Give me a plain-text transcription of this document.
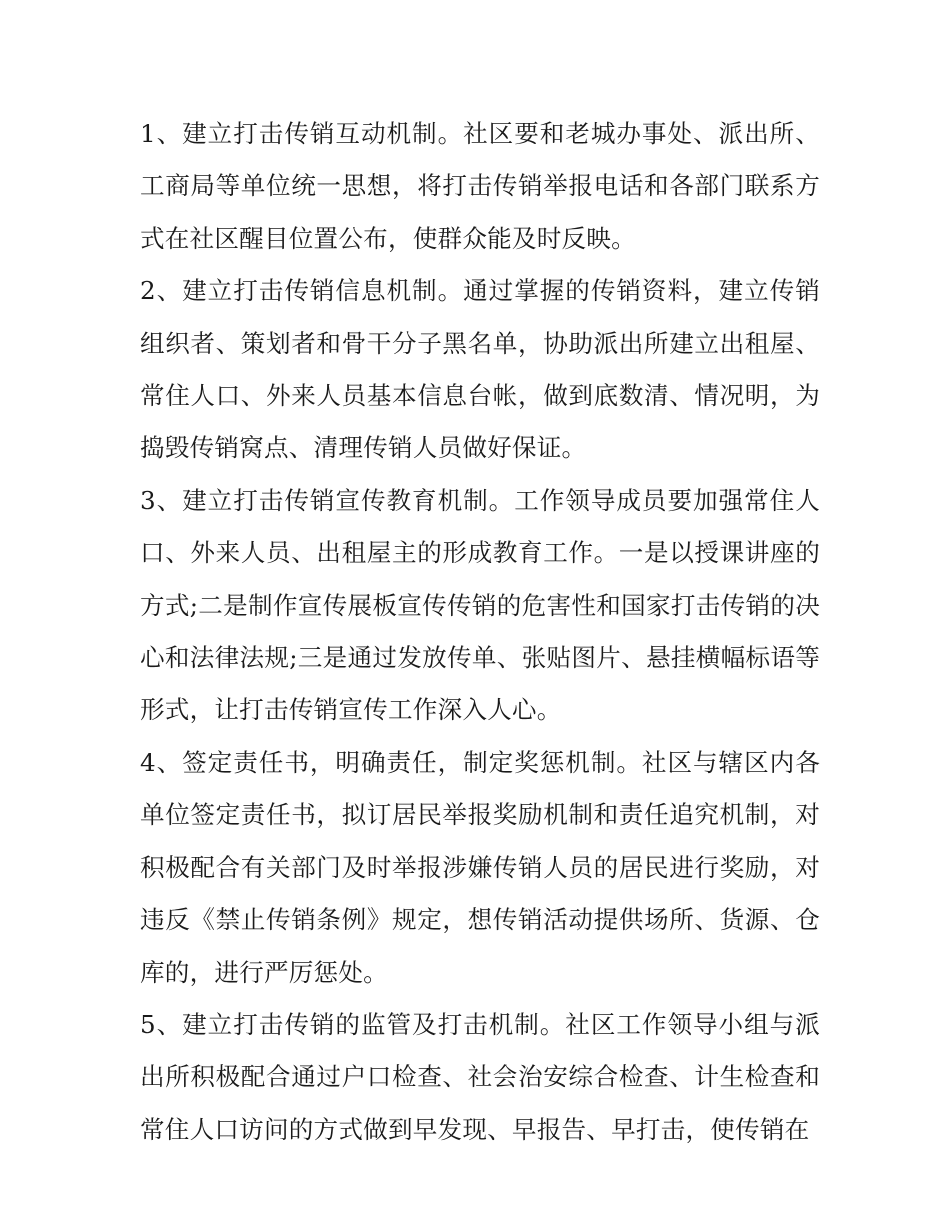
1、建立打击传销互动机制。社区要和老城办事处、派出所、工商局等单位统一思想，将打击传销举报电话和各部门联系方式在社区醒目位置公布，使群众能及时反映。

2、建立打击传销信息机制。通过掌握的传销资料，建立传销组织者、策划者和骨干分子黑名单，协助派出所建立出租屋、常住人口、外来人员基本信息台帐，做到底数清、情况明，为捣毁传销窝点、清理传销人员做好保证。

3、建立打击传销宣传教育机制。工作领导成员要加强常住人口、外来人员、出租屋主的形成教育工作。一是以授课讲座的方式;二是制作宣传展板宣传传销的危害性和国家打击传销的决心和法律法规;三是通过发放传单、张贴图片、悬挂横幅标语等形式，让打击传销宣传工作深入人心。

4、签定责任书，明确责任，制定奖惩机制。社区与辖区内各单位签定责任书，拟订居民举报奖励机制和责任追究机制，对积极配合有关部门及时举报涉嫌传销人员的居民进行奖励，对违反《禁止传销条例》规定，想传销活动提供场所、货源、仓库的，进行严厉惩处。

5、建立打击传销的监管及打击机制。社区工作领导小组与派出所积极配合通过户口检查、社会治安综合检查、计生检查和常住人口访问的方式做到早发现、早报告、早打击，使传销在
